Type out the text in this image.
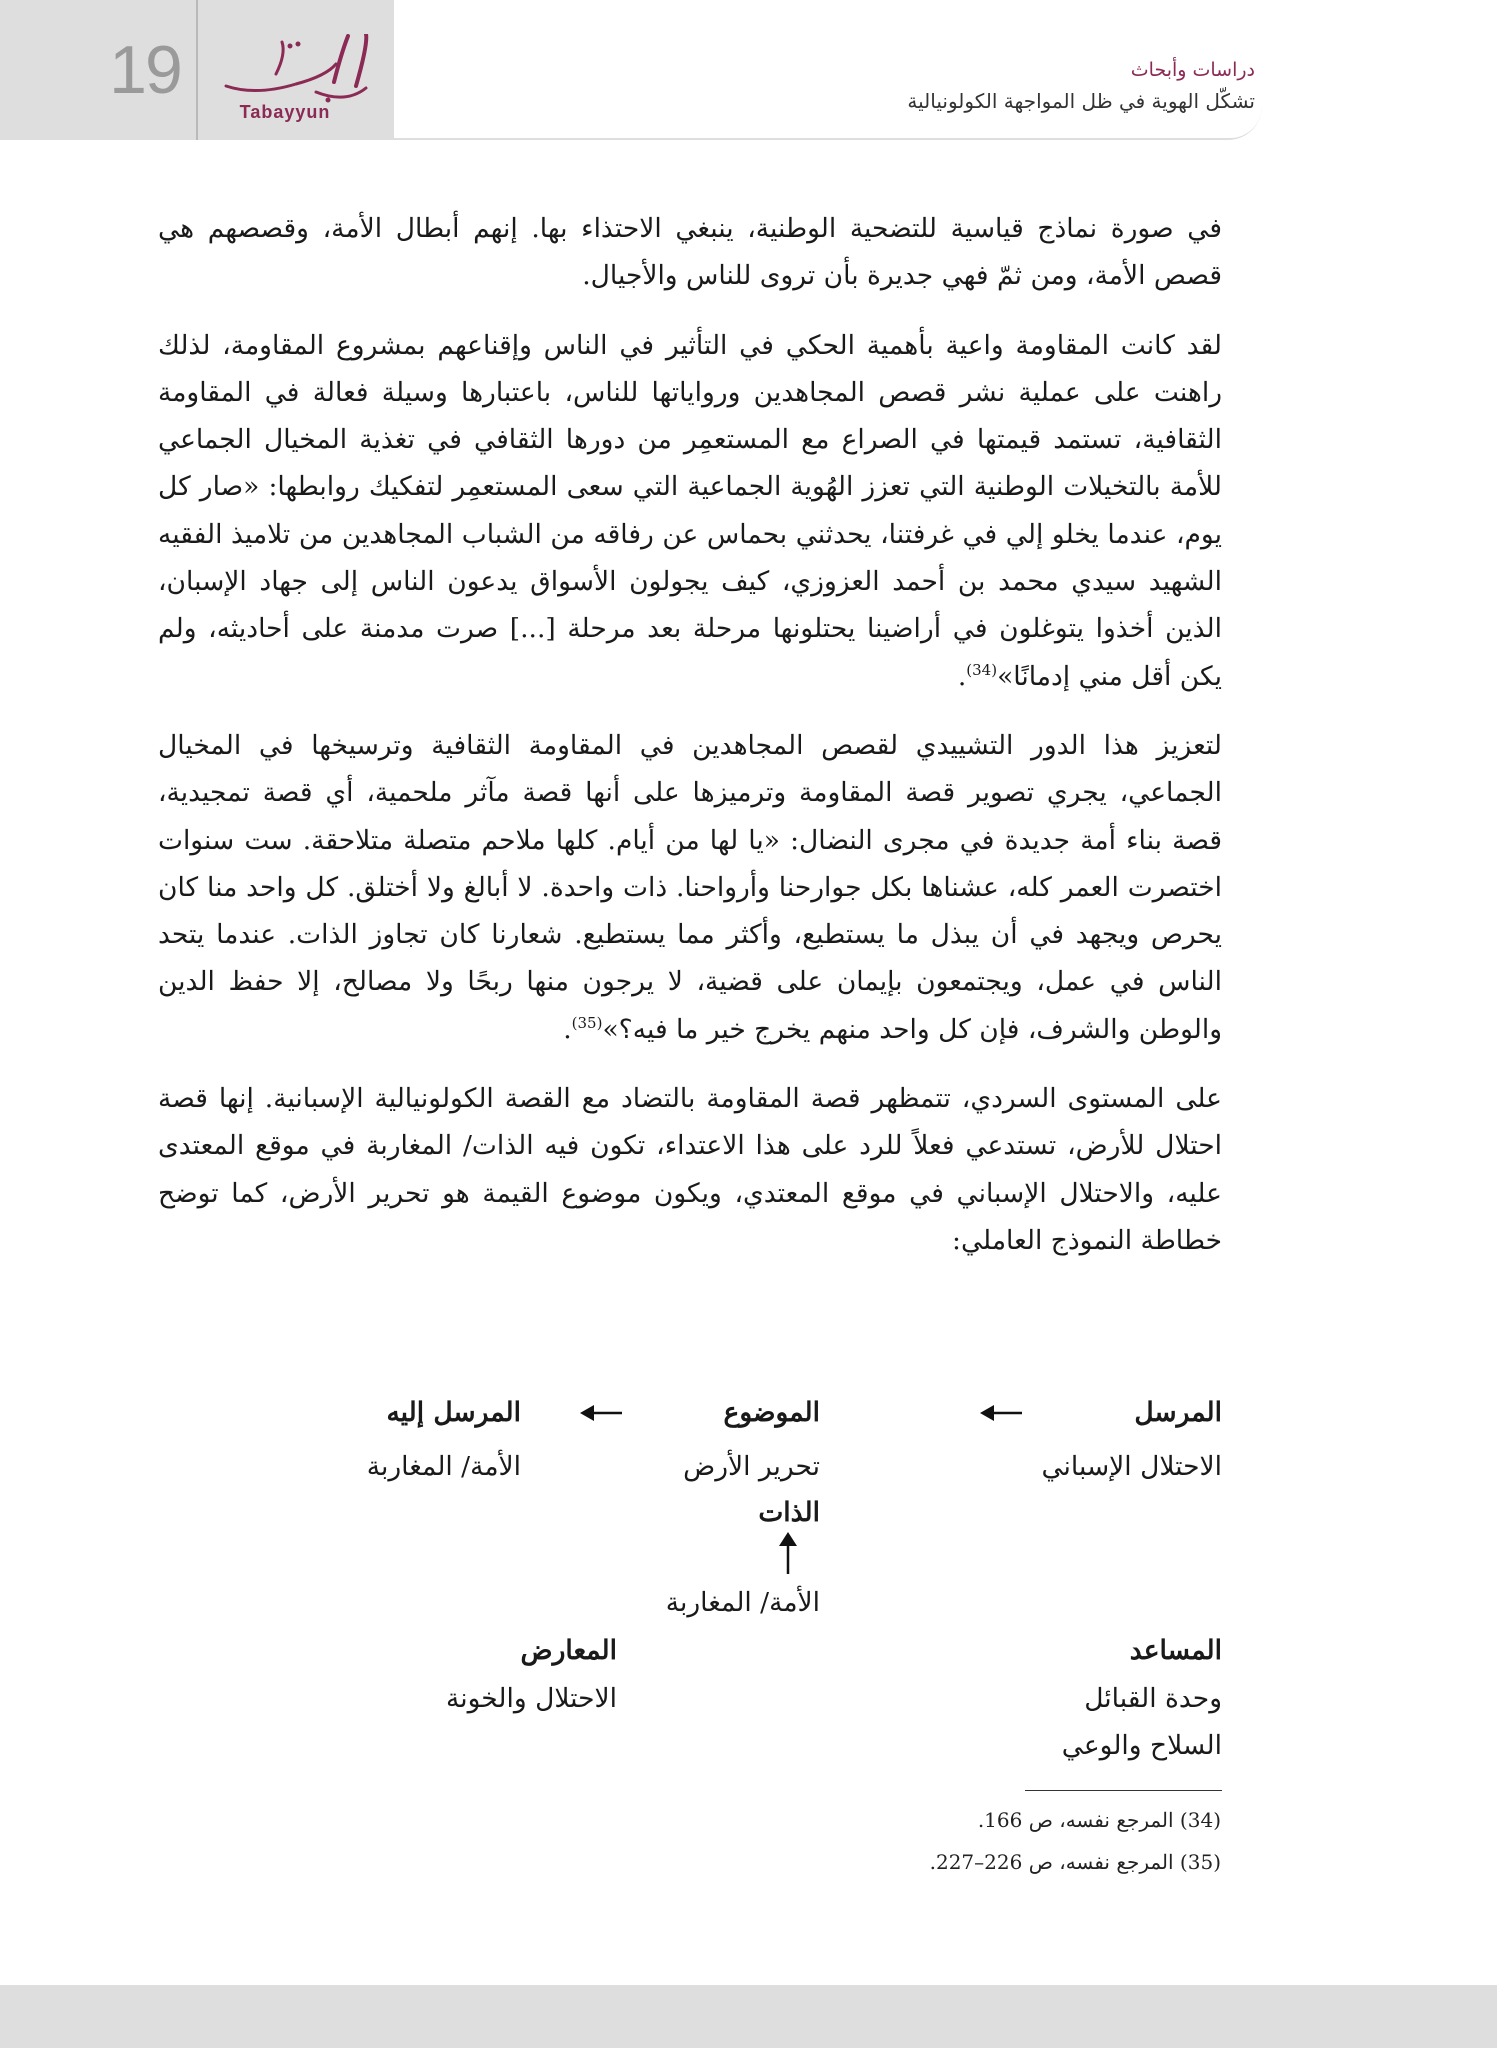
19
Tabayyun
دراسات وأبحاث
تشكّل الهوية في ظل المواجهة الكولونيالية

في صورة نماذج قياسية للتضحية الوطنية، ينبغي الاحتذاء بها. إنهم أبطال الأمة، وقصصهم هي قصص الأمة، ومن ثمّ فهي جديرة بأن تروى للناس والأجيال.

لقد كانت المقاومة واعية بأهمية الحكي في التأثير في الناس وإقناعهم بمشروع المقاومة، لذلك راهنت على عملية نشر قصص المجاهدين ورواياتها للناس، باعتبارها وسيلة فعالة في المقاومة الثقافية، تستمد قيمتها في الصراع مع المستعمِر من دورها الثقافي في تغذية المخيال الجماعي للأمة بالتخيلات الوطنية التي تعزز الهُوية الجماعية التي سعى المستعمِر لتفكيك روابطها: «صار كل يوم، عندما يخلو إلي في غرفتنا، يحدثني بحماس عن رفاقه من الشباب المجاهدين من تلاميذ الفقيه الشهيد سيدي محمد بن أحمد العزوزي، كيف يجولون الأسواق يدعون الناس إلى جهاد الإسبان، الذين أخذوا يتوغلون في أراضينا يحتلونها مرحلة بعد مرحلة [...] صرت مدمنة على أحاديثه، ولم يكن أقل مني إدمانًا»$^{(34)}$.

لتعزيز هذا الدور التشييدي لقصص المجاهدين في المقاومة الثقافية وترسيخها في المخيال الجماعي، يجري تصوير قصة المقاومة وترميزها على أنها قصة مآثر ملحمية، أي قصة تمجيدية، قصة بناء أمة جديدة في مجرى النضال: «يا لها من أيام. كلها ملاحم متصلة متلاحقة. ست سنوات اختصرت العمر كله، عشناها بكل جوارحنا وأرواحنا. ذات واحدة. لا أبالغ ولا أختلق. كل واحد منا كان يحرص ويجهد في أن يبذل ما يستطيع، وأكثر مما يستطيع. شعارنا كان تجاوز الذات. عندما يتحد الناس في عمل، ويجتمعون بإيمان على قضية، لا يرجون منها ربحًا ولا مصالح، إلا حفظ الدين والوطن والشرف، فإن كل واحد منهم يخرج خير ما فيه؟»$^{(35)}$.

على المستوى السردي، تتمظهر قصة المقاومة بالتضاد مع القصة الكولونيالية الإسبانية. إنها قصة احتلال للأرض، تستدعي فعلاً للرد على هذا الاعتداء، تكون فيه الذات/ المغاربة في موقع المعتدى عليه، والاحتلال الإسباني في موقع المعتدي، ويكون موضوع القيمة هو تحرير الأرض، كما توضح خطاطة النموذج العاملي:

المرسل
الاحتلال الإسباني
الموضوع
تحرير الأرض
المرسل إليه
الأمة/ المغاربة
الذات
الأمة/ المغاربة
المساعد
وحدة القبائل
السلاح والوعي
المعارض
الاحتلال والخونة
(34) المرجع نفسه، ص 166.
(35) المرجع نفسه، ص 226–227.
